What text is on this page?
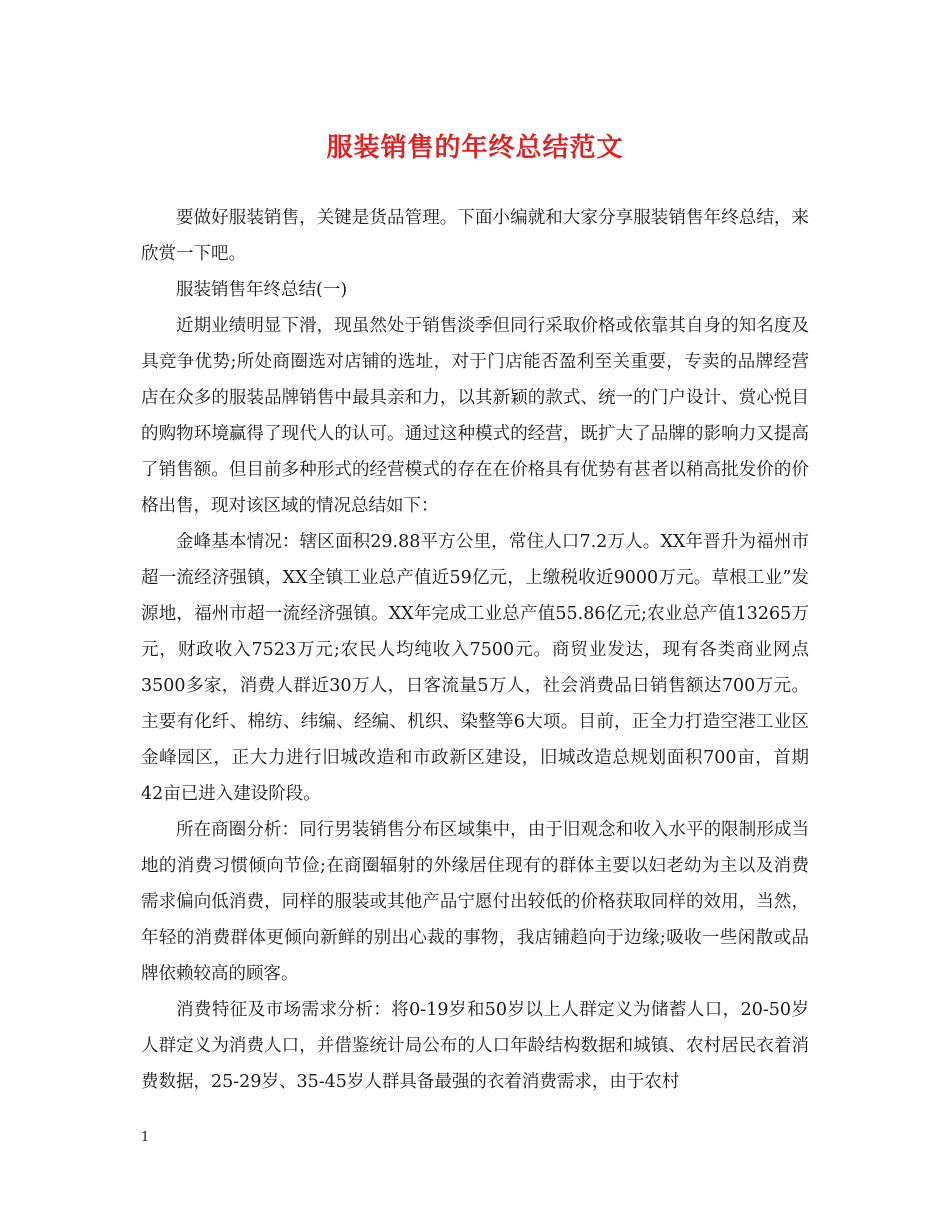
服装销售的年终总结范文

要做好服装销售，关键是货品管理。下面小编就和大家分享服装销售年终总结，来欣赏一下吧。

服装销售年终总结(一)

近期业绩明显下滑，现虽然处于销售淡季但同行采取价格或依靠其自身的知名度及具竞争优势;所处商圈选对店铺的选址，对于门店能否盈利至关重要，专卖的品牌经营店在众多的服装品牌销售中最具亲和力，以其新颖的款式、统一的门户设计、赏心悦目的购物环境赢得了现代人的认可。通过这种模式的经营，既扩大了品牌的影响力又提高了销售额。但目前多种形式的经营模式的存在在价格具有优势有甚者以稍高批发价的价格出售，现对该区域的情况总结如下：

金峰基本情况：辖区面积29.88平方公里，常住人口7.2万人。XX年晋升为福州市超一流经济强镇，XX全镇工业总产值近59亿元，上缴税收近9000万元。草根工业”发源地，福州市超一流经济强镇。XX年完成工业总产值55.86亿元;农业总产值13265万元，财政收入7523万元;农民人均纯收入7500元。商贸业发达，现有各类商业网点3500多家，消费人群近30万人，日客流量5万人，社会消费品日销售额达700万元。主要有化纤、棉纺、纬编、经编、机织、染整等6大项。目前，正全力打造空港工业区金峰园区，正大力进行旧城改造和市政新区建设，旧城改造总规划面积700亩，首期42亩已进入建设阶段。

所在商圈分析：同行男装销售分布区域集中，由于旧观念和收入水平的限制形成当地的消费习惯倾向节俭;在商圈辐射的外缘居住现有的群体主要以妇老幼为主以及消费需求偏向低消费，同样的服装或其他产品宁愿付出较低的价格获取同样的效用，当然，年轻的消费群体更倾向新鲜的别出心裁的事物，我店铺趋向于边缘;吸收一些闲散或品牌依赖较高的顾客。

消费特征及市场需求分析：将0-19岁和50岁以上人群定义为储蓄人口，20-50岁人群定义为消费人口，并借鉴统计局公布的人口年龄结构数据和城镇、农村居民衣着消费数据，25-29岁、35-45岁人群具备最强的衣着消费需求，由于农村

1
